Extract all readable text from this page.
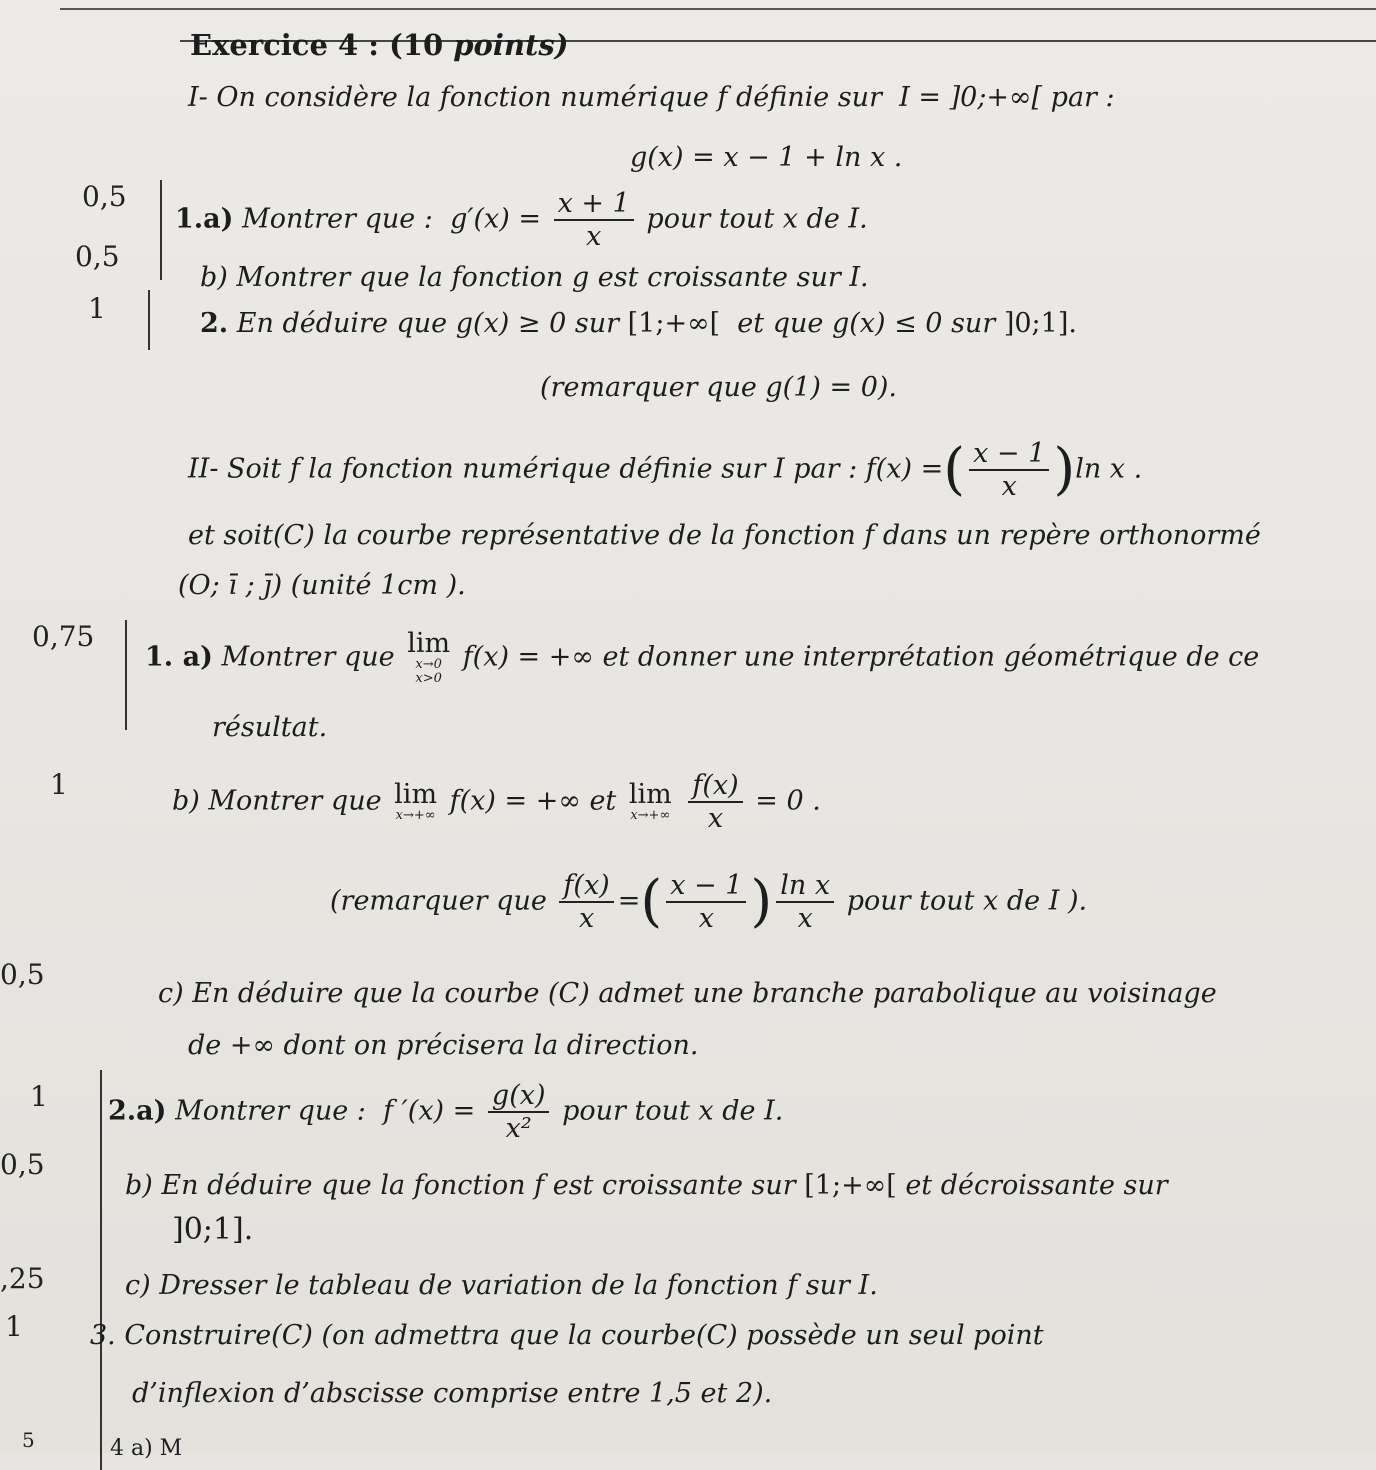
Exercice 4 : (10 points)
0,5
0,5
1
0,75
1
0,5
1
0,5
,25
1
5
I- On considère la fonction numérique f définie sur I = ]0;+∞[ par :
g(x) = x − 1 + ln x .
1.a) Montrer que : $g'(x) = \frac{x + 1}{x}$ pour tout x de I.
b) Montrer que la fonction g est croissante sur I.
2. En déduire que g(x) ≥ 0 sur [1;+∞[ et que g(x) ≤ 0 sur ]0;1].
(remarquer que g(1) = 0).
II- Soit f la fonction numérique définie sur I par : f(x) =( $\frac{x - 1}{x} )\ln$ x .
et soit(C) la courbe représentative de la fonction f dans un repère orthonormé
(O; ī ; j̄) (unité 1cm ).
1. a) Montrer que lim
x→0
x>0
f(x) = +∞ et donner une interprétation géométrique de ce
résultat.
b) Montrer que lim
x→+∞ f(x) = +∞ et lim
x→+∞
$\frac{f(x)}{x} = 0$ .
(remarquer que $\frac{f(x)}{x}$ =( $\frac{x - 1}{x}$ ) $\frac{\text{ln x}}{x}$ pour tout x de I ).
c) En déduire que la courbe (C) admet une branche parabolique au voisinage
de +∞ dont on précisera la direction.
2.a) Montrer que : f $'(x) = \frac{g(x)}{\text{x²}}$ pour tout x de I.
b) En déduire que la fonction f est croissante sur [1;+∞[ et décroissante sur
]0;1].
c) Dresser le tableau de variation de la fonction f sur I.
3. Construire(C) (on admettra que la courbe(C) possède un seul point
d’inflexion d’abscisse comprise entre 1,5 et 2).
4 a) M
